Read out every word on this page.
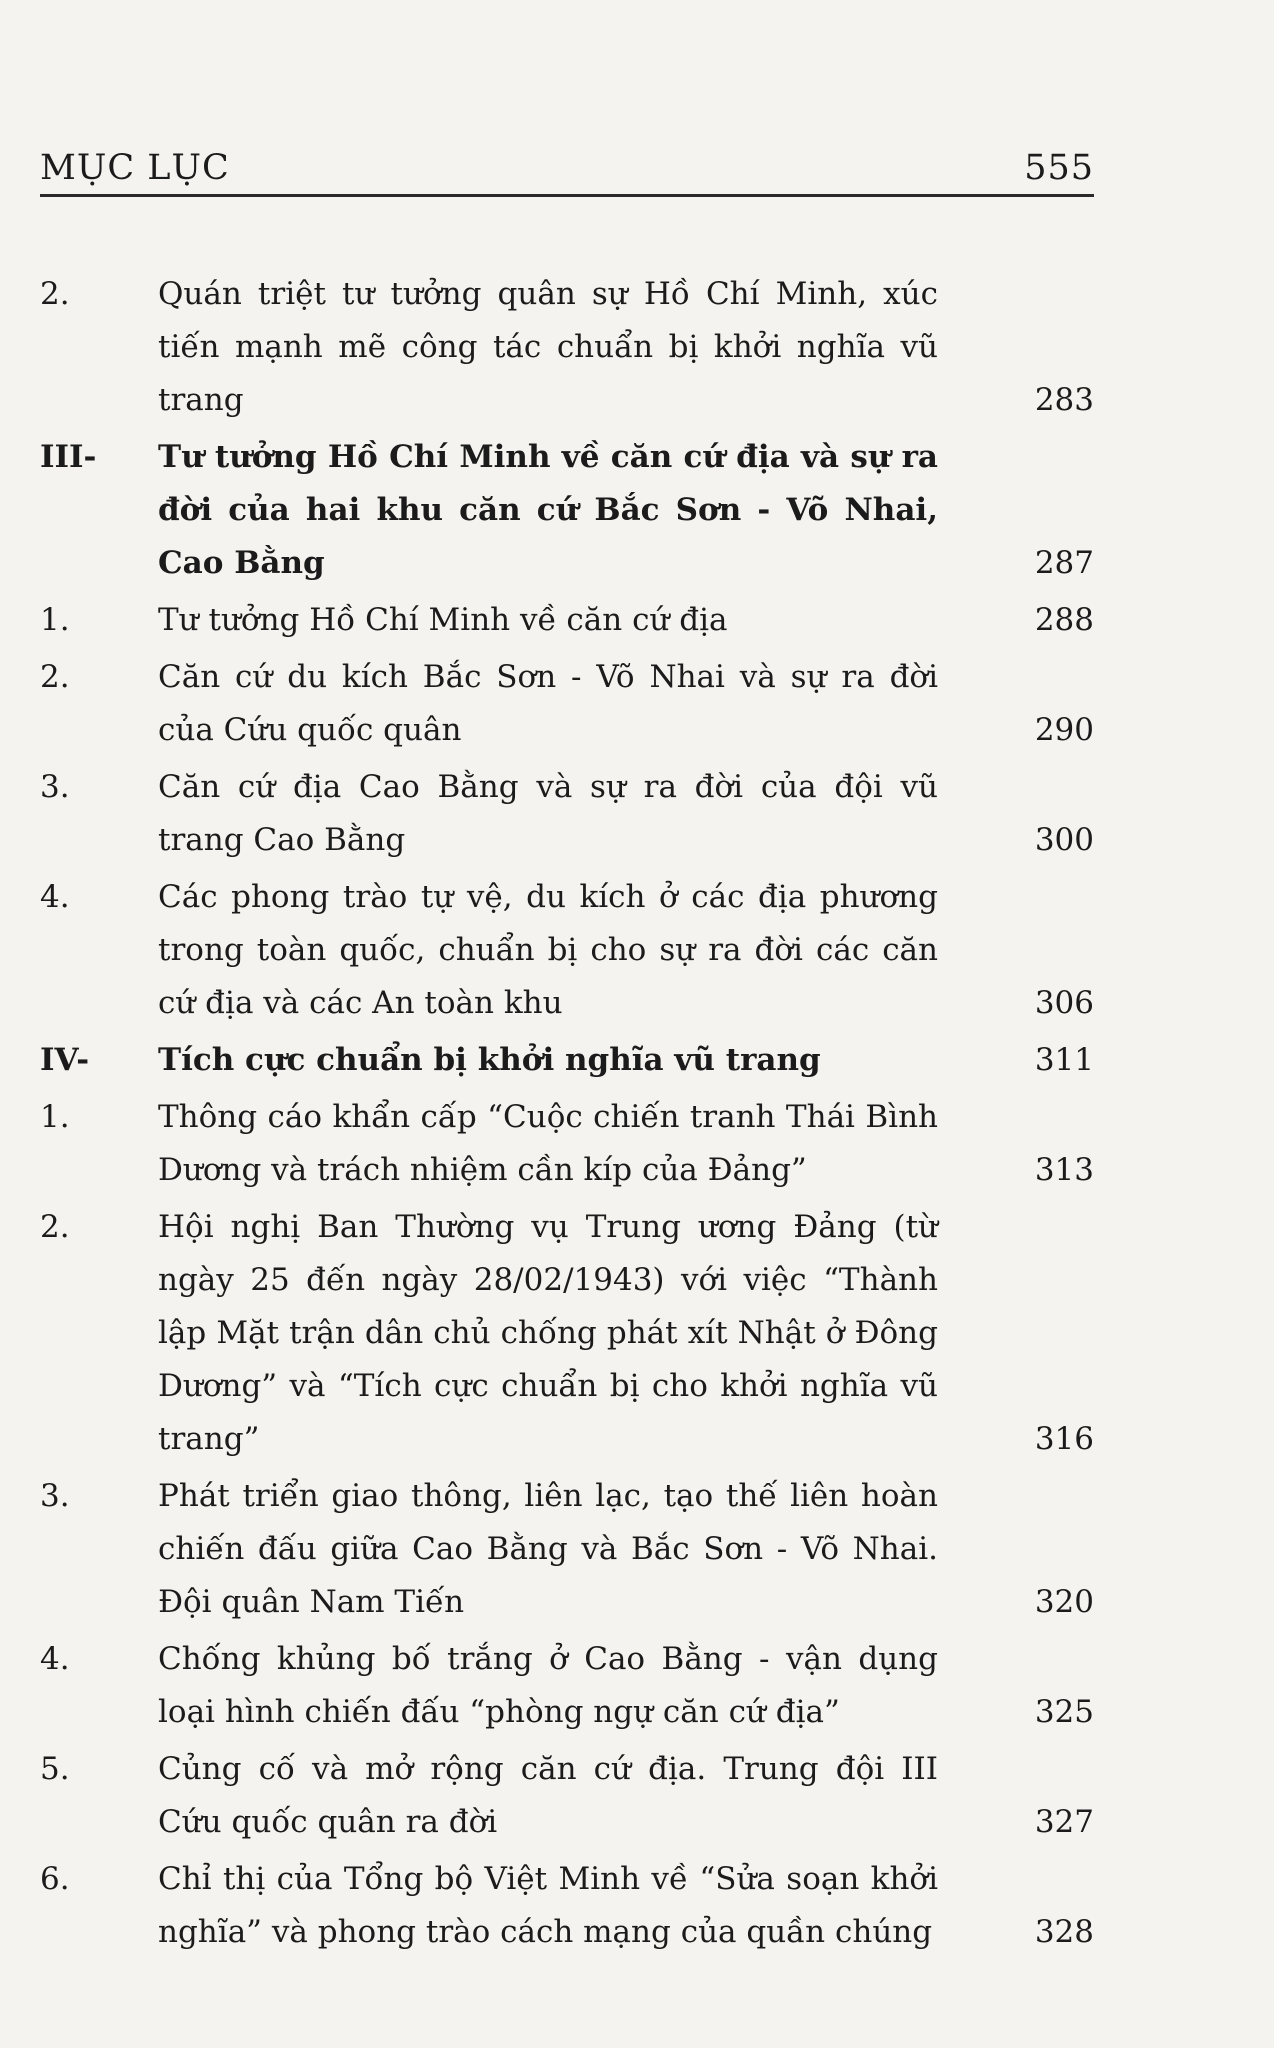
MỤC LỤC	555
2.	Quán triệt tư tưởng quân sự Hồ Chí Minh, xúc tiến mạnh mẽ công tác chuẩn bị khởi nghĩa vũ trang	283
III-	Tư tưởng Hồ Chí Minh về căn cứ địa và sự ra đời của hai khu căn cứ Bắc Sơn - Võ Nhai, Cao Bằng	287
1.	Tư tưởng Hồ Chí Minh về căn cứ địa	288
2.	Căn cứ du kích Bắc Sơn - Võ Nhai và sự ra đời của Cứu quốc quân	290
3.	Căn cứ địa Cao Bằng và sự ra đời của đội vũ trang Cao Bằng	300
4.	Các phong trào tự vệ, du kích ở các địa phương trong toàn quốc, chuẩn bị cho sự ra đời các căn cứ địa và các An toàn khu	306
IV-	Tích cực chuẩn bị khởi nghĩa vũ trang	311
1.	Thông cáo khẩn cấp “Cuộc chiến tranh Thái Bình Dương và trách nhiệm cần kíp của Đảng”	313
2.	Hội nghị Ban Thường vụ Trung ương Đảng (từ ngày 25 đến ngày 28/02/1943) với việc “Thành lập Mặt trận dân chủ chống phát xít Nhật ở Đông Dương” và “Tích cực chuẩn bị cho khởi nghĩa vũ trang”	316
3.	Phát triển giao thông, liên lạc, tạo thế liên hoàn chiến đấu giữa Cao Bằng và Bắc Sơn - Võ Nhai. Đội quân Nam Tiến	320
4.	Chống khủng bố trắng ở Cao Bằng - vận dụng loại hình chiến đấu “phòng ngự căn cứ địa”	325
5.	Củng cố và mở rộng căn cứ địa. Trung đội III Cứu quốc quân ra đời	327
6.	Chỉ thị của Tổng bộ Việt Minh về “Sửa soạn khởi nghĩa” và phong trào cách mạng của quần chúng	328
